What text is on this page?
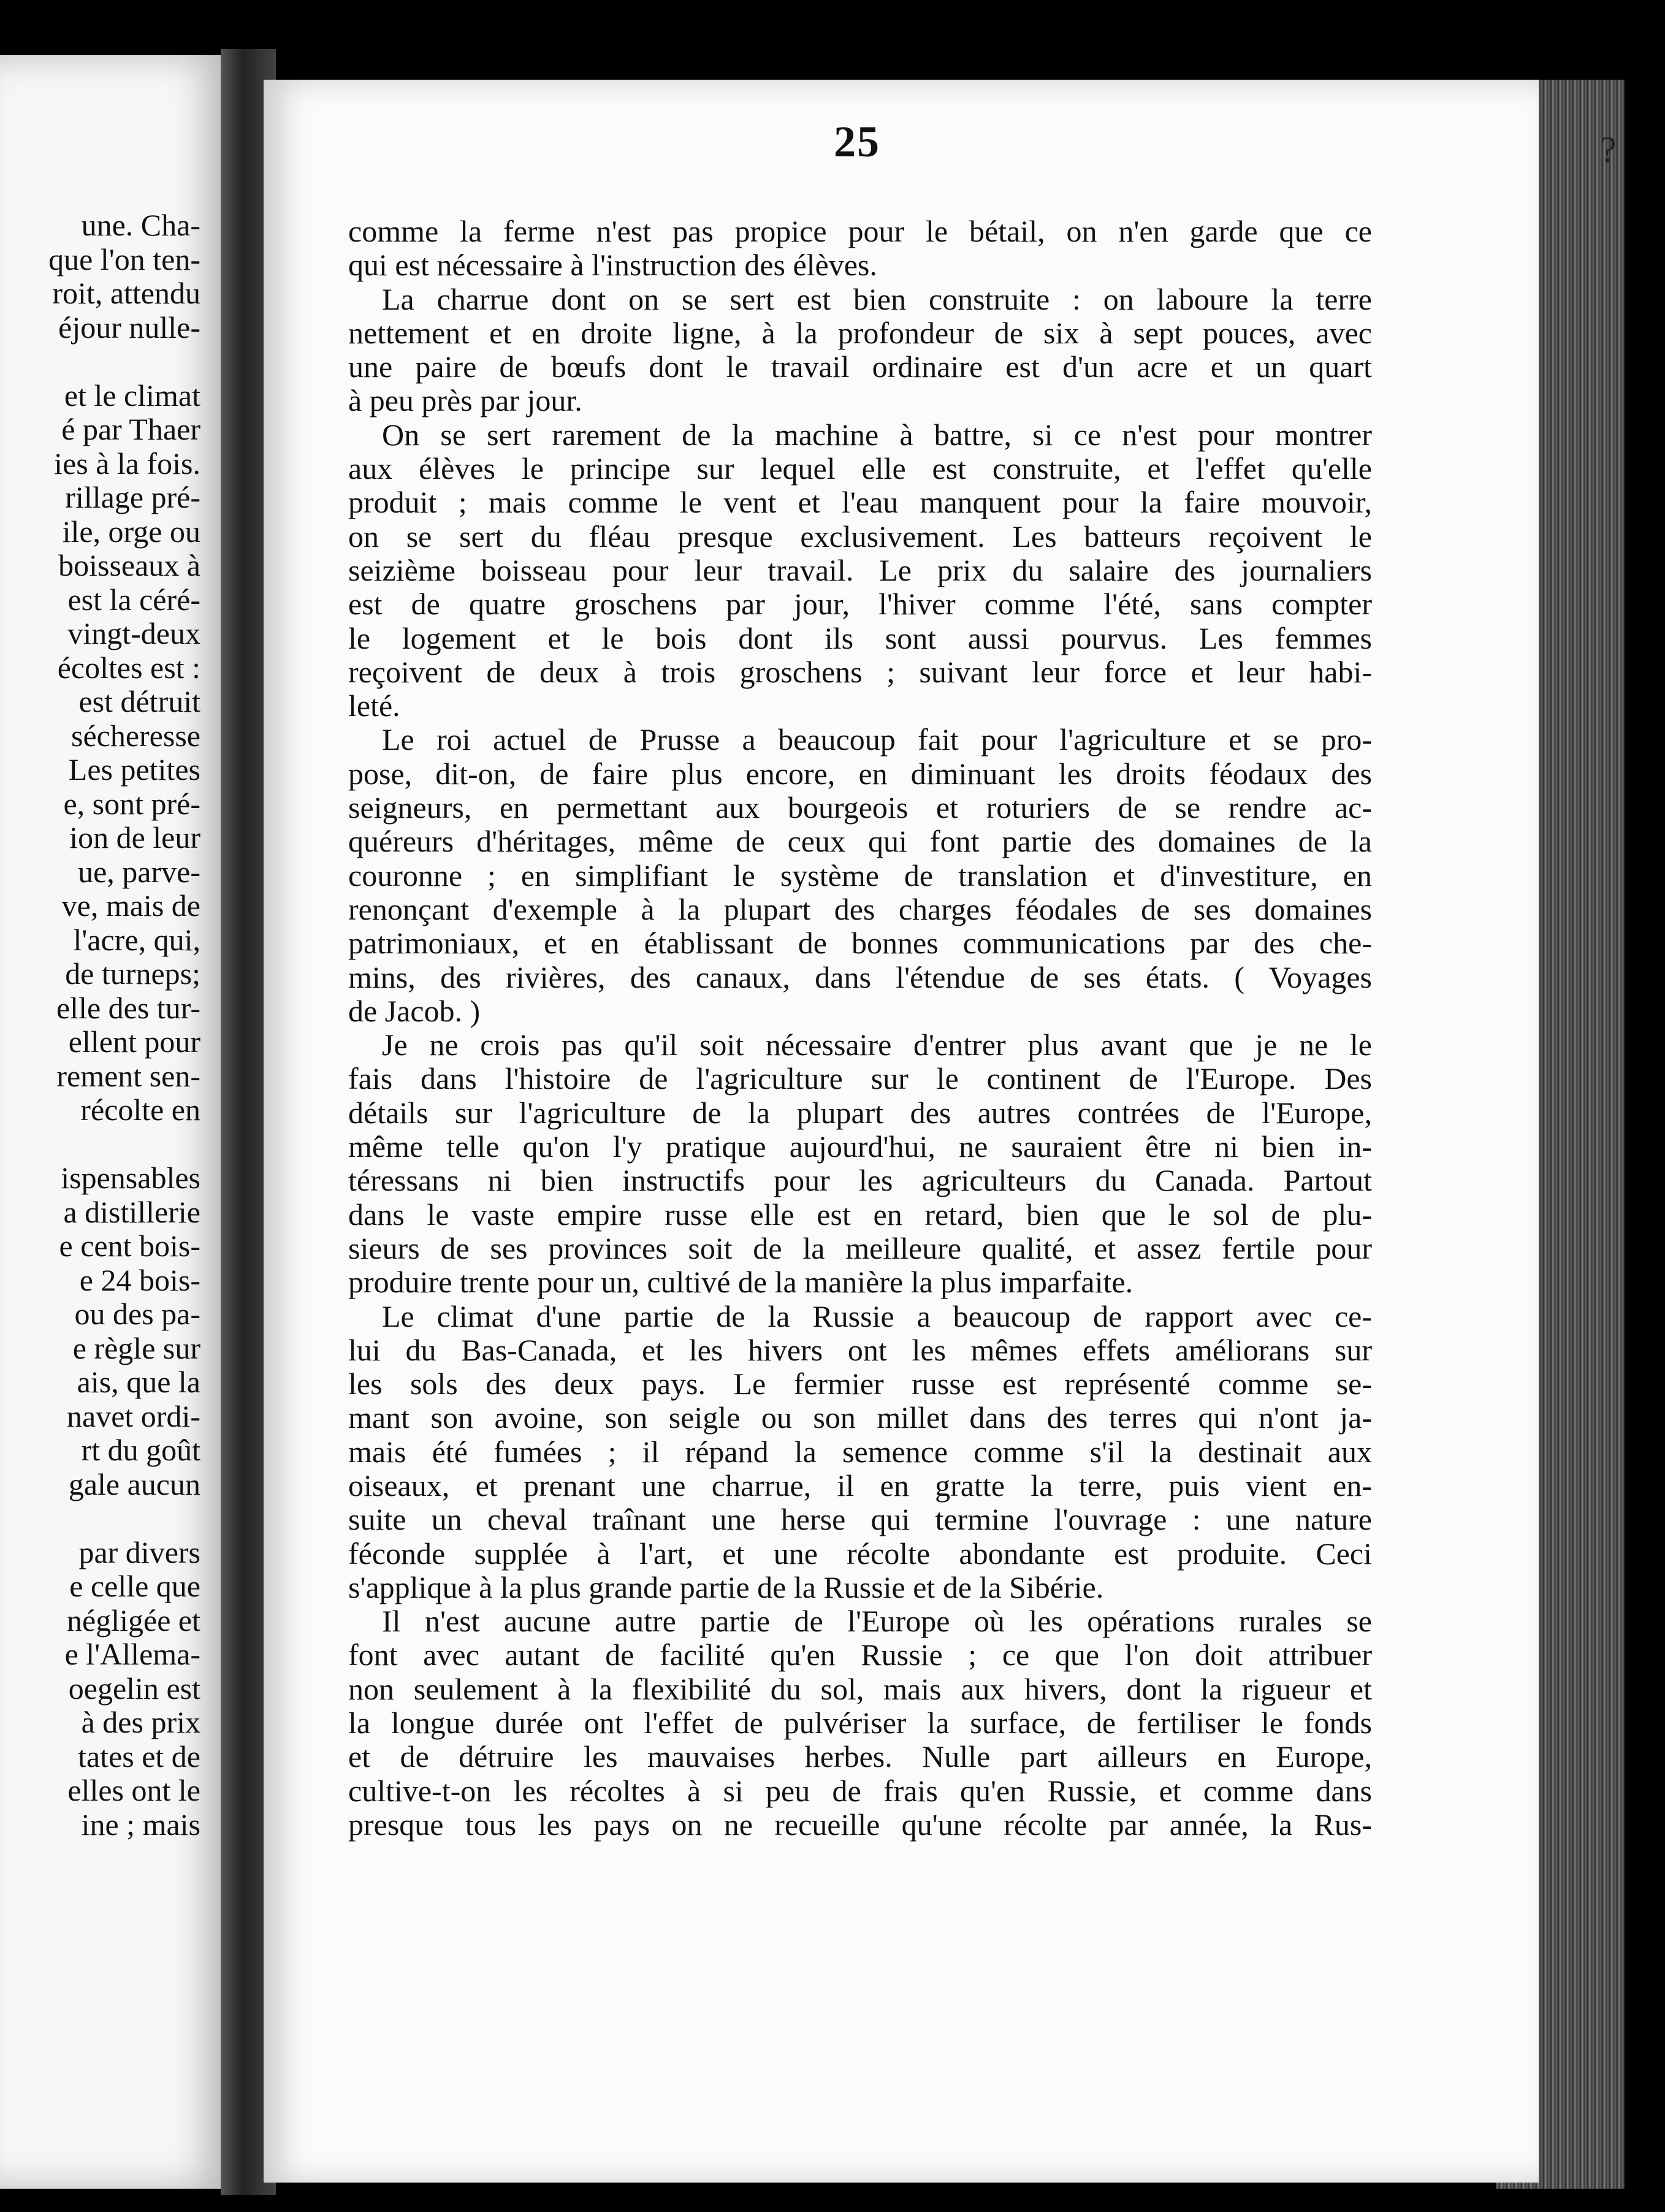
une. Cha-
que l'on ten-
roit, attendu
éjour nulle-
et le climat
é par Thaer
ies à la fois.
rillage pré-
ile, orge ou
boisseaux à
est la céré-
vingt-deux
écoltes est :
est détruit
sécheresse
Les petites
e, sont pré-
ion de leur
ue, parve-
ve, mais de
l'acre, qui,
de turneps;
elle des tur-
ellent pour
rement sen-
récolte en
ispensables
a distillerie
e cent bois-
e 24 bois-
ou des pa-
e règle sur
ais, que la
navet ordi-
rt du goût
gale aucun
par divers
e celle que
négligée et
e l'Allema-
oegelin est
à des prix
tates et de
elles ont le
ine ; mais
25	?
comme la ferme n'est pas propice pour le bétail, on n'en garde que ce
qui est nécessaire à l'instruction des élèves.
La charrue dont on se sert est bien construite : on laboure la terre
nettement et en droite ligne, à la profondeur de six à sept pouces, avec
une paire de bœufs dont le travail ordinaire est d'un acre et un quart
à peu près par jour.
On se sert rarement de la machine à battre, si ce n'est pour montrer
aux élèves le principe sur lequel elle est construite, et l'effet qu'elle
produit ; mais comme le vent et l'eau manquent pour la faire mouvoir,
on se sert du fléau presque exclusivement. Les batteurs reçoivent le
seizième boisseau pour leur travail. Le prix du salaire des journaliers
est de quatre groschens par jour, l'hiver comme l'été, sans compter
le logement et le bois dont ils sont aussi pourvus. Les femmes
reçoivent de deux à trois groschens ; suivant leur force et leur habi-
leté.
Le roi actuel de Prusse a beaucoup fait pour l'agriculture et se pro-
pose, dit-on, de faire plus encore, en diminuant les droits féodaux des
seigneurs, en permettant aux bourgeois et roturiers de se rendre ac-
quéreurs d'héritages, même de ceux qui font partie des domaines de la
couronne ; en simplifiant le système de translation et d'investiture, en
renonçant d'exemple à la plupart des charges féodales de ses domaines
patrimoniaux, et en établissant de bonnes communications par des che-
mins, des rivières, des canaux, dans l'étendue de ses états. ( Voyages
de Jacob. )
Je ne crois pas qu'il soit nécessaire d'entrer plus avant que je ne le
fais dans l'histoire de l'agriculture sur le continent de l'Europe. Des
détails sur l'agriculture de la plupart des autres contrées de l'Europe,
même telle qu'on l'y pratique aujourd'hui, ne sauraient être ni bien in-
téressans ni bien instructifs pour les agriculteurs du Canada. Partout
dans le vaste empire russe elle est en retard, bien que le sol de plu-
sieurs de ses provinces soit de la meilleure qualité, et assez fertile pour
produire trente pour un, cultivé de la manière la plus imparfaite.
Le climat d'une partie de la Russie a beaucoup de rapport avec ce-
lui du Bas-Canada, et les hivers ont les mêmes effets améliorans sur
les sols des deux pays. Le fermier russe est représenté comme se-
mant son avoine, son seigle ou son millet dans des terres qui n'ont ja-
mais été fumées ; il répand la semence comme s'il la destinait aux
oiseaux, et prenant une charrue, il en gratte la terre, puis vient en-
suite un cheval traînant une herse qui termine l'ouvrage : une nature
féconde supplée à l'art, et une récolte abondante est produite. Ceci
s'applique à la plus grande partie de la Russie et de la Sibérie.
Il n'est aucune autre partie de l'Europe où les opérations rurales se
font avec autant de facilité qu'en Russie ; ce que l'on doit attribuer
non seulement à la flexibilité du sol, mais aux hivers, dont la rigueur et
la longue durée ont l'effet de pulvériser la surface, de fertiliser le fonds
et de détruire les mauvaises herbes. Nulle part ailleurs en Europe,
cultive-t-on les récoltes à si peu de frais qu'en Russie, et comme dans
presque tous les pays on ne recueille qu'une récolte par année, la Rus-
